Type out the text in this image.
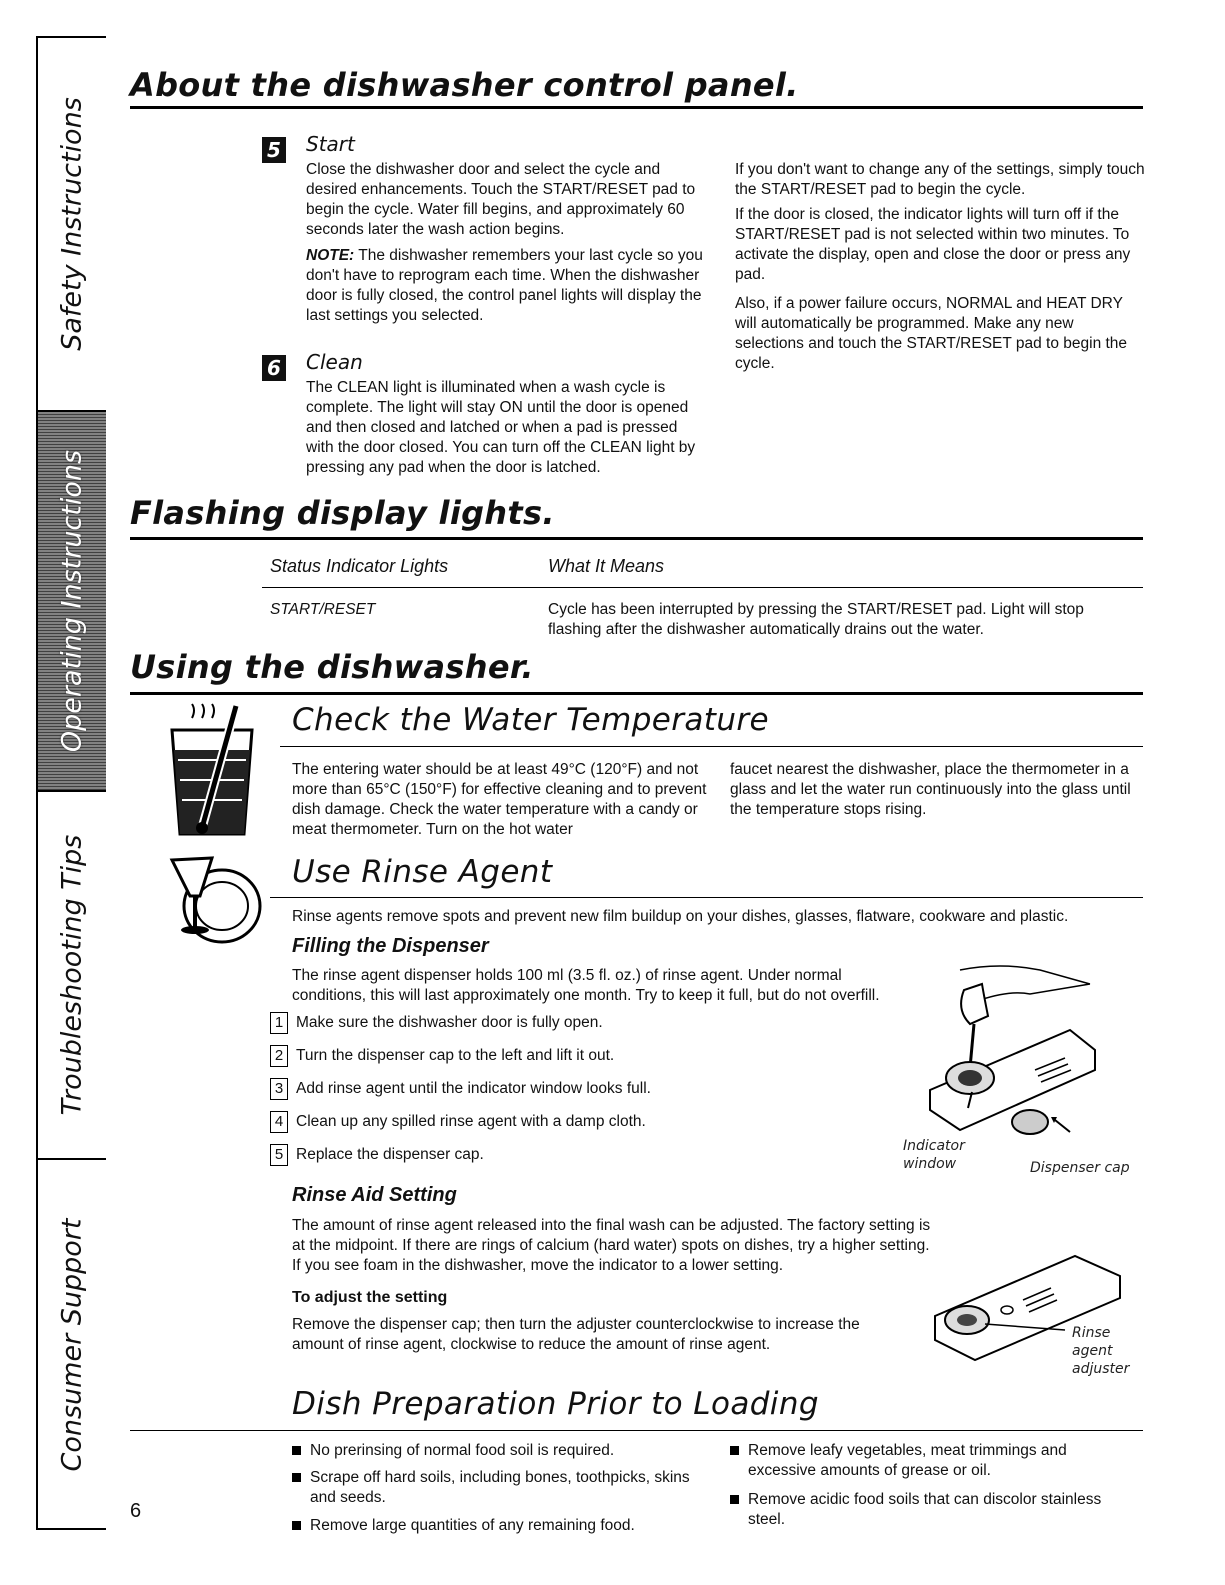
Safety Instructions
Operating Instructions
Troubleshooting Tips
Consumer Support
About the dishwasher control panel.
5 Start
Close the dishwasher door and select the cycle and desired enhancements. Touch the START/RESET pad to begin the cycle. Water fill begins, and approximately 60 seconds later the wash action begins.
NOTE: The dishwasher remembers your last cycle so you don't have to reprogram each time. When the dishwasher door is fully closed, the control panel lights will display the last settings you selected.
6 Clean
The CLEAN light is illuminated when a wash cycle is complete. The light will stay ON until the door is opened and then closed and latched or when a pad is pressed with the door closed. You can turn off the CLEAN light by pressing any pad when the door is latched.
If you don't want to change any of the settings, simply touch the START/RESET pad to begin the cycle.
If the door is closed, the indicator lights will turn off if the START/RESET pad is not selected within two minutes. To activate the display, open and close the door or press any pad.
Also, if a power failure occurs, NORMAL and HEAT DRY will automatically be programmed. Make any new selections and touch the START/RESET pad to begin the cycle.
Flashing display lights.
Status Indicator Lights	What It Means
START/RESET	Cycle has been interrupted by pressing the START/RESET pad. Light will stop flashing after the dishwasher automatically drains out the water.
Using the dishwasher.
Check the Water Temperature
The entering water should be at least 49°C (120°F) and not more than 65°C (150°F) for effective cleaning and to prevent dish damage. Check the water temperature with a candy or meat thermometer. Turn on the hot water
faucet nearest the dishwasher, place the thermometer in a glass and let the water run continuously into the glass until the temperature stops rising.
Use Rinse Agent
Rinse agents remove spots and prevent new film buildup on your dishes, glasses, flatware, cookware and plastic.
Filling the Dispenser
The rinse agent dispenser holds 100 ml (3.5 fl. oz.) of rinse agent. Under normal conditions, this will last approximately one month. Try to keep it full, but do not overfill.
1 Make sure the dishwasher door is fully open.
2 Turn the dispenser cap to the left and lift it out.
3 Add rinse agent until the indicator window looks full.
4 Clean up any spilled rinse agent with a damp cloth.
5 Replace the dispenser cap.
Indicator
window	Dispenser cap
Rinse Aid Setting
The amount of rinse agent released into the final wash can be adjusted. The factory setting is at the midpoint. If there are rings of calcium (hard water) spots on dishes, try a higher setting. If you see foam in the dishwasher, move the indicator to a lower setting.
To adjust the setting
Remove the dispenser cap; then turn the adjuster counterclockwise to increase the amount of rinse agent, clockwise to reduce the amount of rinse agent.
Rinse
agent
adjuster
Dish Preparation Prior to Loading
No prerinsing of normal food soil is required.
Scrape off hard soils, including bones, toothpicks, skins and seeds.
Remove large quantities of any remaining food.
Remove leafy vegetables, meat trimmings and excessive amounts of grease or oil.
Remove acidic food soils that can discolor stainless steel.
6
